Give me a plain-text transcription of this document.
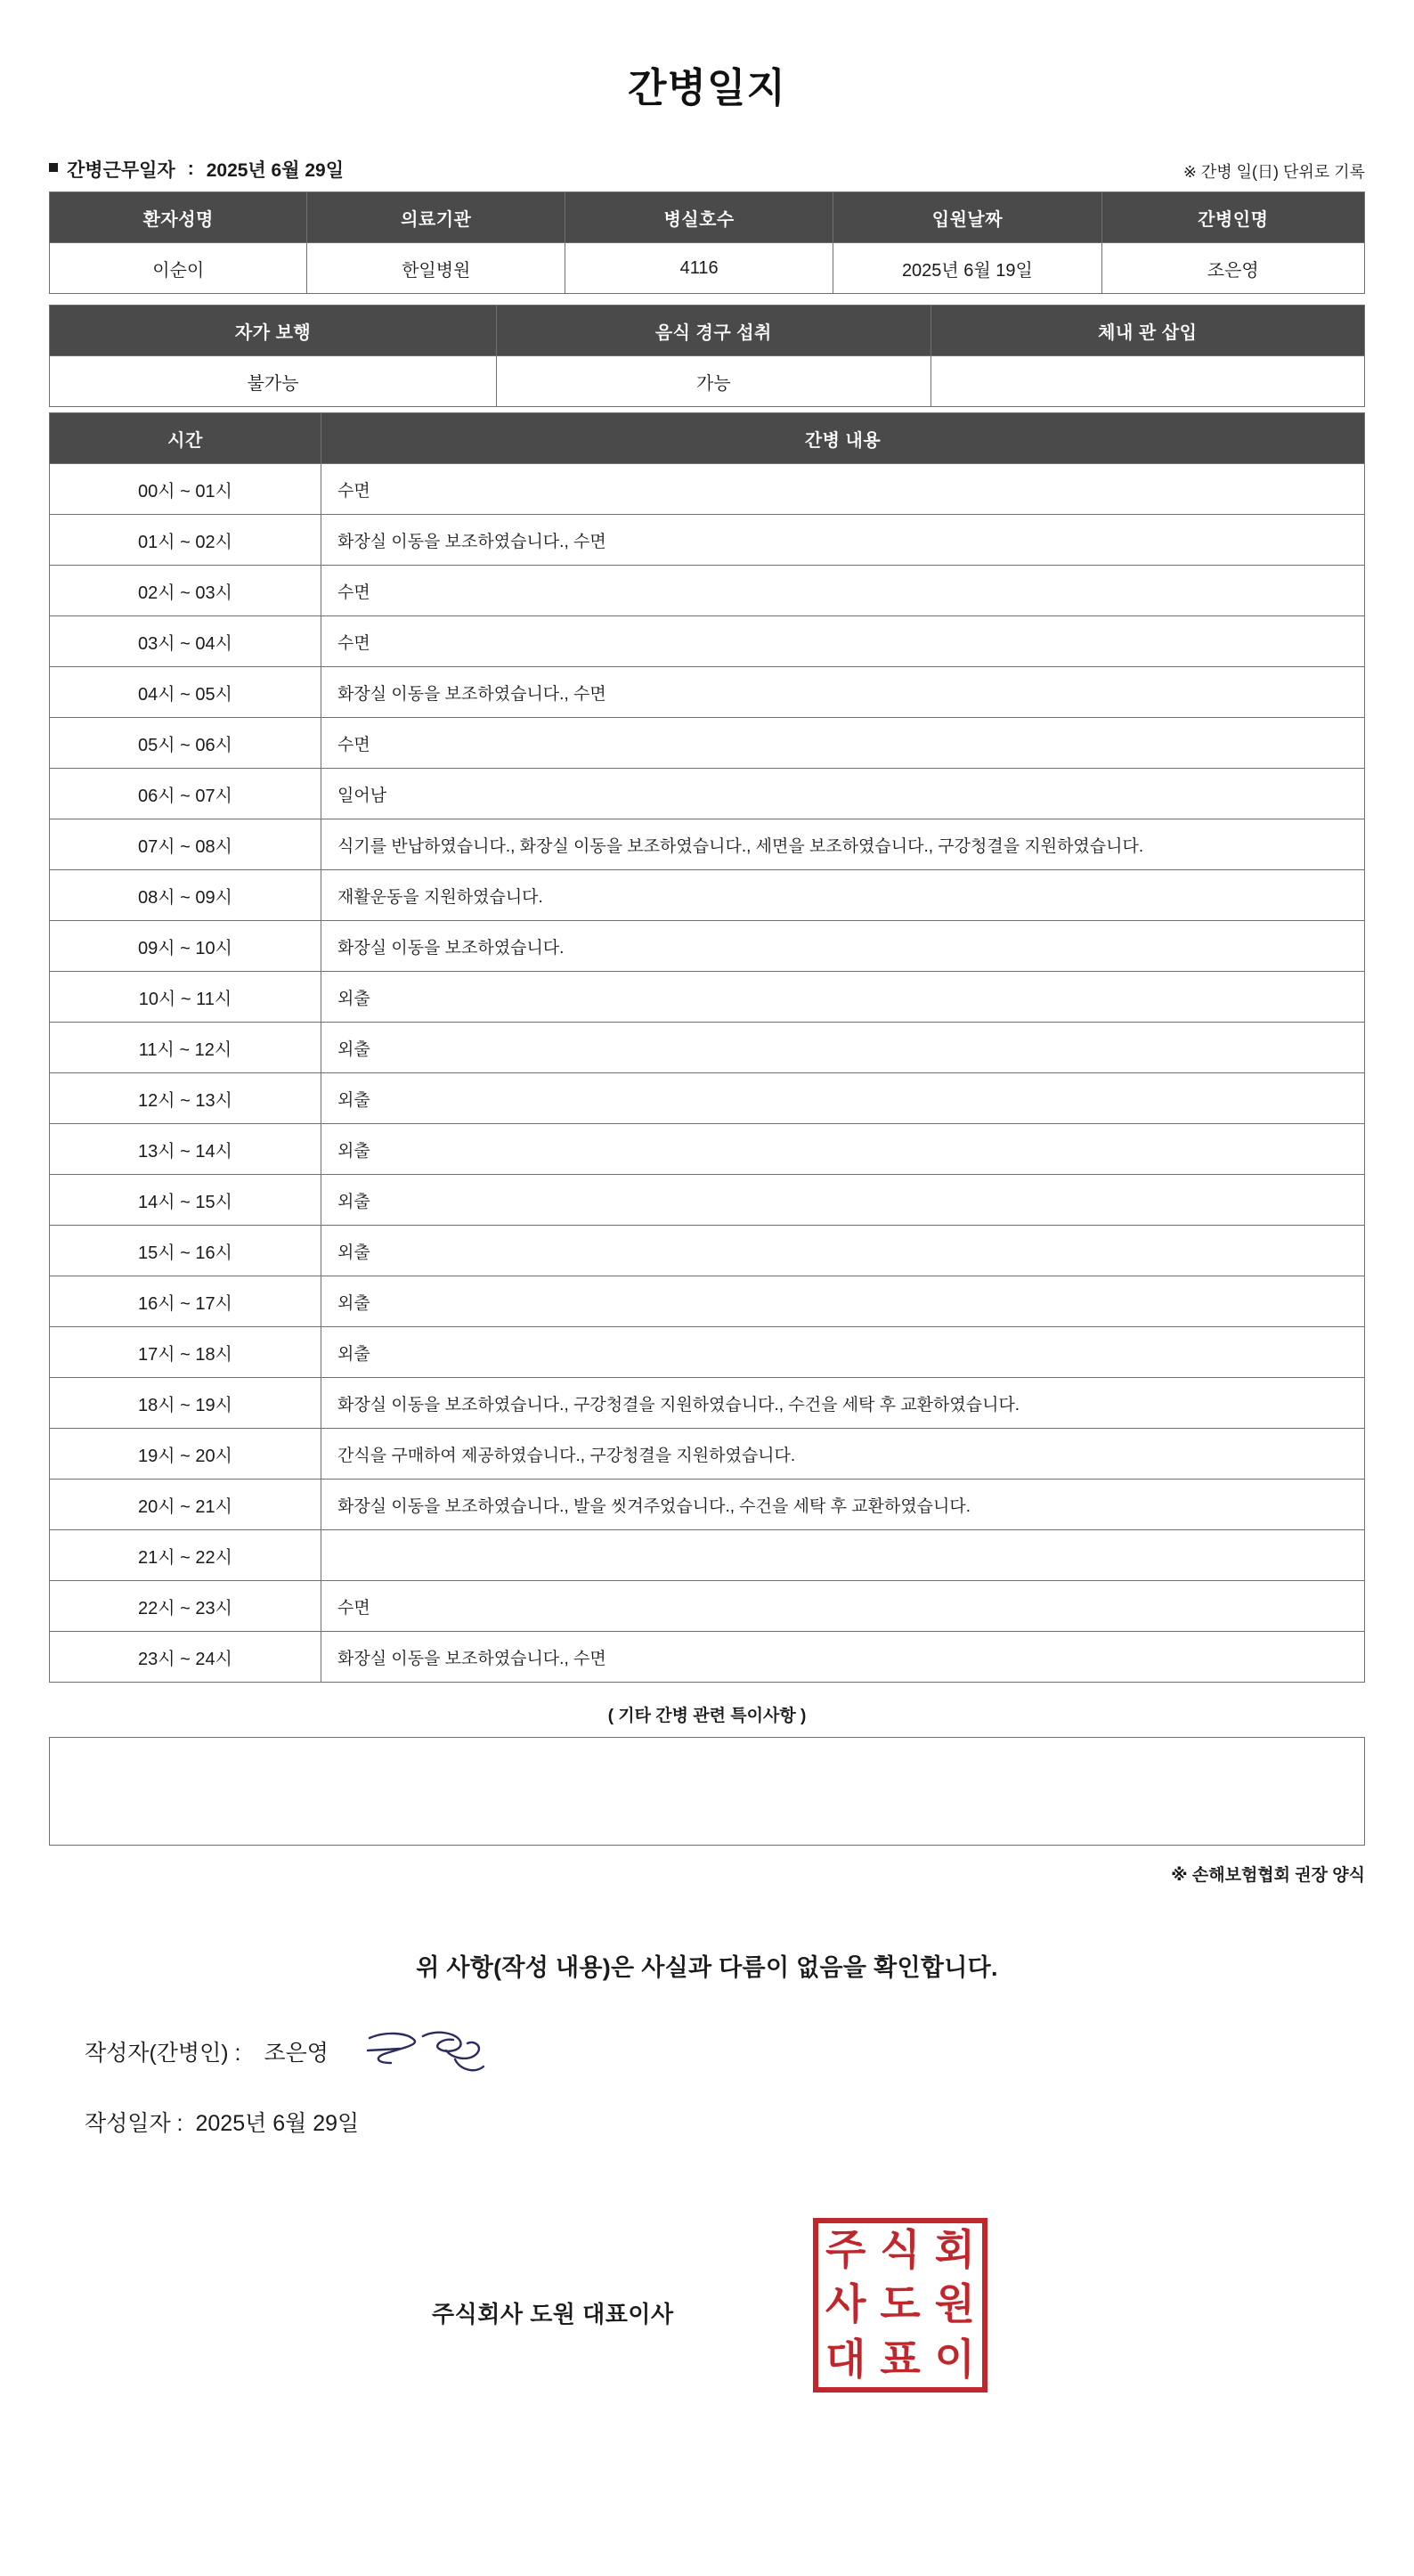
간병일지
간병근무일자 : 2025년 6월 29일	※ 간병 일(日) 단위로 기록
환자성명	의료기관	병실호수	입원날짜	간병인명
이순이	한일병원	4116	2025년 6월 19일	조은영
자가 보행	음식 경구 섭취	체내 관 삽입
불가능	가능	
시간	간병 내용
00시 ~ 01시	수면
01시 ~ 02시	화장실 이동을 보조하였습니다., 수면
02시 ~ 03시	수면
03시 ~ 04시	수면
04시 ~ 05시	화장실 이동을 보조하였습니다., 수면
05시 ~ 06시	수면
06시 ~ 07시	일어남
07시 ~ 08시	식기를 반납하였습니다., 화장실 이동을 보조하였습니다., 세면을 보조하였습니다., 구강청결을 지원하였습니다.
08시 ~ 09시	재활운동을 지원하였습니다.
09시 ~ 10시	화장실 이동을 보조하였습니다.
10시 ~ 11시	외출
11시 ~ 12시	외출
12시 ~ 13시	외출
13시 ~ 14시	외출
14시 ~ 15시	외출
15시 ~ 16시	외출
16시 ~ 17시	외출
17시 ~ 18시	외출
18시 ~ 19시	화장실 이동을 보조하였습니다., 구강청결을 지원하였습니다., 수건을 세탁 후 교환하였습니다.
19시 ~ 20시	간식을 구매하여 제공하였습니다., 구강청결을 지원하였습니다.
20시 ~ 21시	화장실 이동을 보조하였습니다., 발을 씻겨주었습니다., 수건을 세탁 후 교환하였습니다.
21시 ~ 22시	
22시 ~ 23시	수면
23시 ~ 24시	화장실 이동을 보조하였습니다., 수면
( 기타 간병 관련 특이사항 )
※ 손해보험협회 권장 양식
위 사항(작성 내용)은 사실과 다름이 없음을 확인합니다.
작성자(간병인) :	조은영
작성일자 : 2025년 6월 29일
주식회사 도원 대표이사
주 식 회
사 도 원
대 표 이
